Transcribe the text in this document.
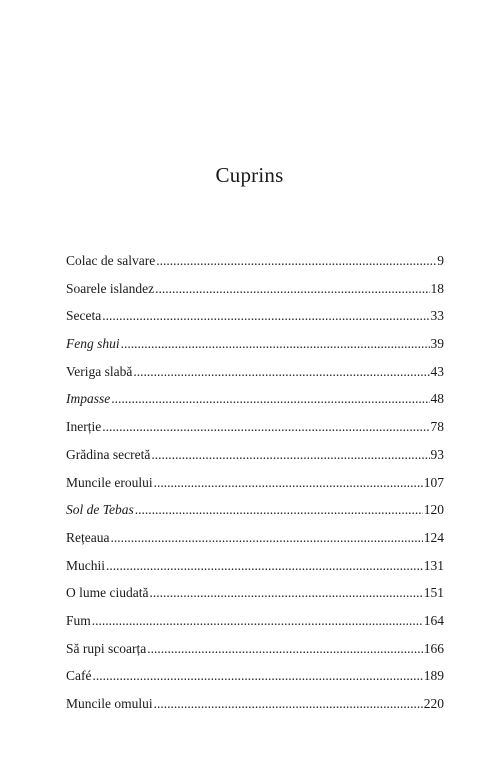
Cuprins
Colac de salvare .....	9
Soarele islandez .....	18
Seceta .....	33
Feng shui .....	39
Veriga slabă .....	43
Impasse .....	48
Inerție .....	78
Grădina secretă .....	93
Muncile eroului .....	107
Sol de Tebas .....	120
Rețeaua .....	124
Muchii .....	131
O lume ciudată .....	151
Fum .....	164
Să rupi scoarța .....	166
Café .....	189
Muncile omului .....	220
